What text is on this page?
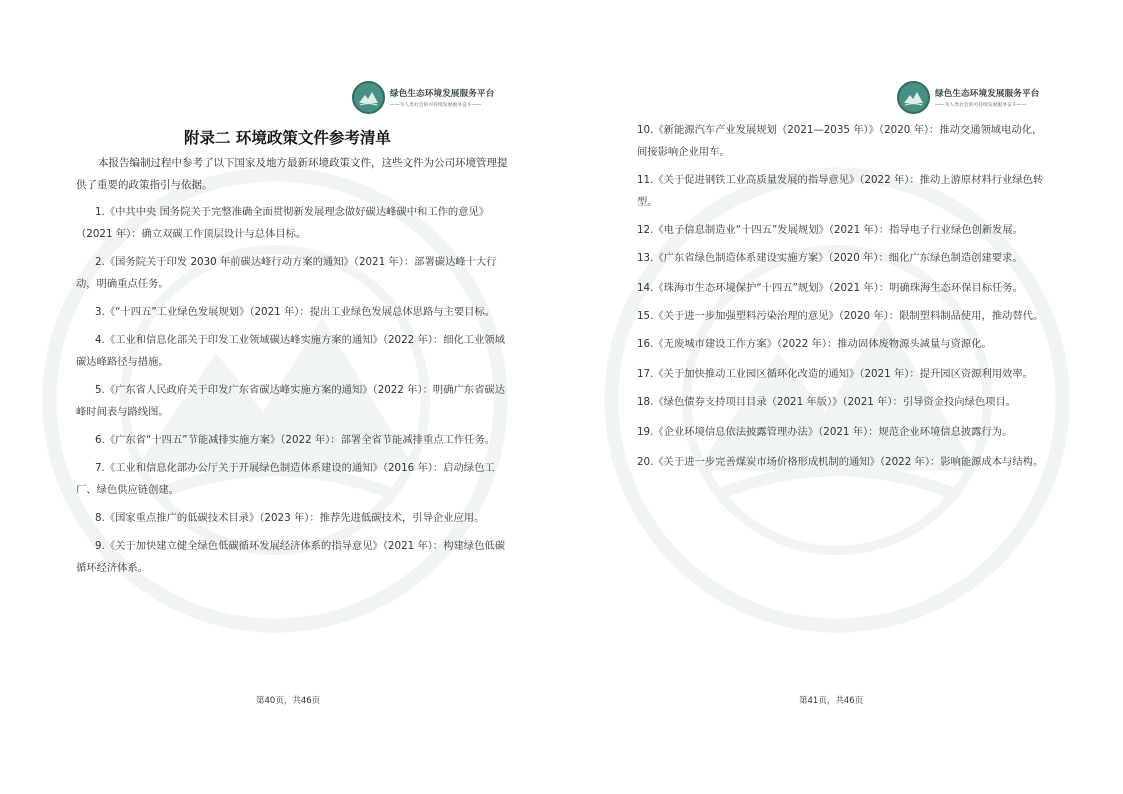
绿色生态环境发展服务平台
——为人类社会的可持续发展服务奋斗——
附录二 环境政策文件参考清单
本报告编制过程中参考了以下国家及地方最新环境政策文件，这些文件为公司环境管理提供了重要的政策指引与依据。
1.《中共中央 国务院关于完整准确全面贯彻新发展理念做好碳达峰碳中和工作的意见》（2021 年）：确立双碳工作顶层设计与总体目标。
2.《国务院关于印发 2030 年前碳达峰行动方案的通知》（2021 年）：部署碳达峰十大行动，明确重点任务。
3.《“十四五”工业绿色发展规划》（2021 年）：提出工业绿色发展总体思路与主要目标。
4.《工业和信息化部关于印发工业领域碳达峰实施方案的通知》（2022 年）：细化工业领域碳达峰路径与措施。
5.《广东省人民政府关于印发广东省碳达峰实施方案的通知》（2022 年）：明确广东省碳达峰时间表与路线图。
6.《广东省“十四五”节能减排实施方案》（2022 年）：部署全省节能减排重点工作任务。
7.《工业和信息化部办公厅关于开展绿色制造体系建设的通知》（2016 年）：启动绿色工厂、绿色供应链创建。
8.《国家重点推广的低碳技术目录》（2023 年）：推荐先进低碳技术，引导企业应用。
9.《关于加快建立健全绿色低碳循环发展经济体系的指导意见》（2021 年）：构建绿色低碳循环经济体系。
第40页，共46页
绿色生态环境发展服务平台
——为人类社会的可持续发展服务奋斗——
10.《新能源汽车产业发展规划（2021—2035 年）》（2020 年）：推动交通领域电动化，间接影响企业用车。
11.《关于促进钢铁工业高质量发展的指导意见》（2022 年）：推动上游原材料行业绿色转型。
12.《电子信息制造业“十四五”发展规划》（2021 年）：指导电子行业绿色创新发展。
13.《广东省绿色制造体系建设实施方案》（2020 年）：细化广东绿色制造创建要求。
14.《珠海市生态环境保护“十四五”规划》（2021 年）：明确珠海生态环保目标任务。
15.《关于进一步加强塑料污染治理的意见》（2020 年）：限制塑料制品使用，推动替代。
16.《无废城市建设工作方案》（2022 年）：推动固体废物源头减量与资源化。
17.《关于加快推动工业园区循环化改造的通知》（2021 年）：提升园区资源利用效率。
18.《绿色债券支持项目目录（2021 年版）》（2021 年）：引导资金投向绿色项目。
19.《企业环境信息依法披露管理办法》（2021 年）：规范企业环境信息披露行为。
20.《关于进一步完善煤炭市场价格形成机制的通知》（2022 年）：影响能源成本与结构。
第41页，共46页
